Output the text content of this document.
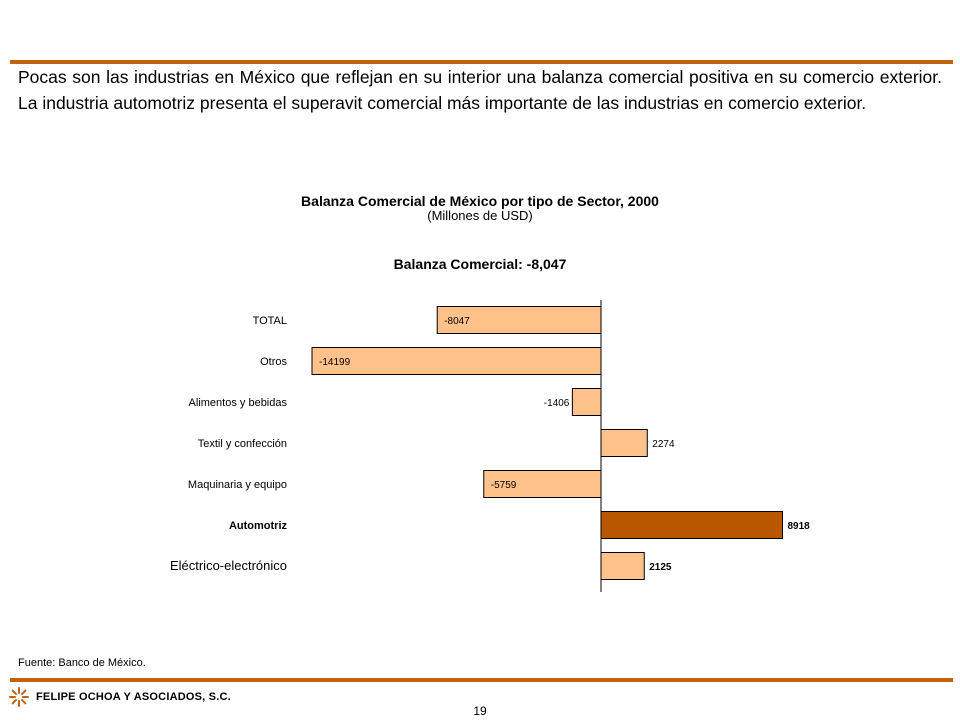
Pocas son las industrias en México que reflejan en su interior una balanza comercial positiva en su comercio exterior. La industria automotriz presenta el superavit comercial más importante de las industrias en comercio exterior.

Balanza Comercial de México por tipo de Sector, 2000
(Millones de USD)
Balanza Comercial: -8,047
TOTAL	-8047
Otros	-14199
Alimentos y bebidas	-1406
Textil y confección	2274
Maquinaria y equipo	-5759
Automotriz	8918
Eléctrico-electrónico	2125
Fuente: Banco de México.
FELIPE OCHOA Y ASOCIADOS, S.C.
19
